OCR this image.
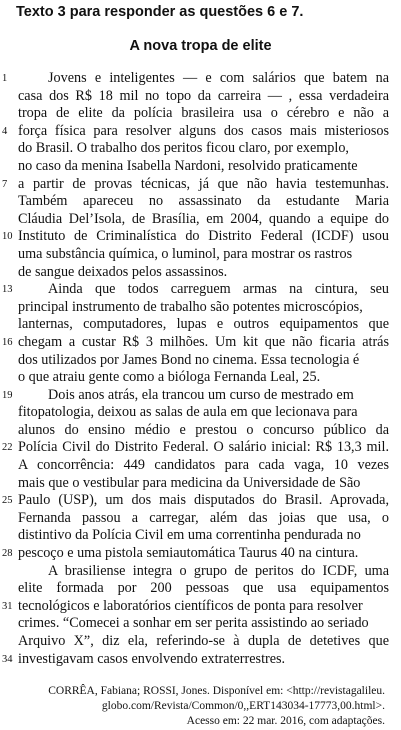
Texto 3 para responder as questões 6 e 7.
A nova tropa de elite
1	Jovens e inteligentes — e com salários que batem na
casa dos R$ 18 mil no topo da carreira — , essa verdadeira
tropa de elite da polícia brasileira usa o cérebro e não a
4 força física para resolver alguns dos casos mais misteriosos
do Brasil. O trabalho dos peritos ficou claro, por exemplo,
no caso da menina Isabella Nardoni, resolvido praticamente
7 a partir de provas técnicas, já que não havia testemunhas.
Também apareceu no assassinato da estudante Maria
Cláudia Del’Isola, de Brasília, em 2004, quando a equipe do
10 Instituto de Criminalística do Distrito Federal (ICDF) usou
uma substância química, o luminol, para mostrar os rastros
de sangue deixados pelos assassinos.
13	Ainda que todos carreguem armas na cintura, seu
principal instrumento de trabalho são potentes microscópios,
lanternas, computadores, lupas e outros equipamentos que
16 chegam a custar R$ 3 milhões. Um kit que não ficaria atrás
dos utilizados por James Bond no cinema. Essa tecnologia é
o que atraiu gente como a bióloga Fernanda Leal, 25.
19	Dois anos atrás, ela trancou um curso de mestrado em
fitopatologia, deixou as salas de aula em que lecionava para
alunos do ensino médio e prestou o concurso público da
22 Polícia Civil do Distrito Federal. O salário inicial: R$ 13,3 mil.
A concorrência: 449 candidatos para cada vaga, 10 vezes
mais que o vestibular para medicina da Universidade de São
25 Paulo (USP), um dos mais disputados do Brasil. Aprovada,
Fernanda passou a carregar, além das joias que usa, o
distintivo da Polícia Civil em uma correntinha pendurada no
28 pescoço e uma pistola semiautomática Taurus 40 na cintura.
A brasiliense integra o grupo de peritos do ICDF, uma
elite formada por 200 pessoas que usa equipamentos
31 tecnológicos e laboratórios científicos de ponta para resolver
crimes. “Comecei a sonhar em ser perita assistindo ao seriado
Arquivo X”, diz ela, referindo-se à dupla de detetives que
34 investigavam casos envolvendo extraterrestres.
CORRÊA, Fabiana; ROSSI, Jones. Disponível em: <http://revistagalileu.
globo.com/Revista/Common/0,,ERT143034-17773,00.html>.
Acesso em: 22 mar. 2016, com adaptações.
